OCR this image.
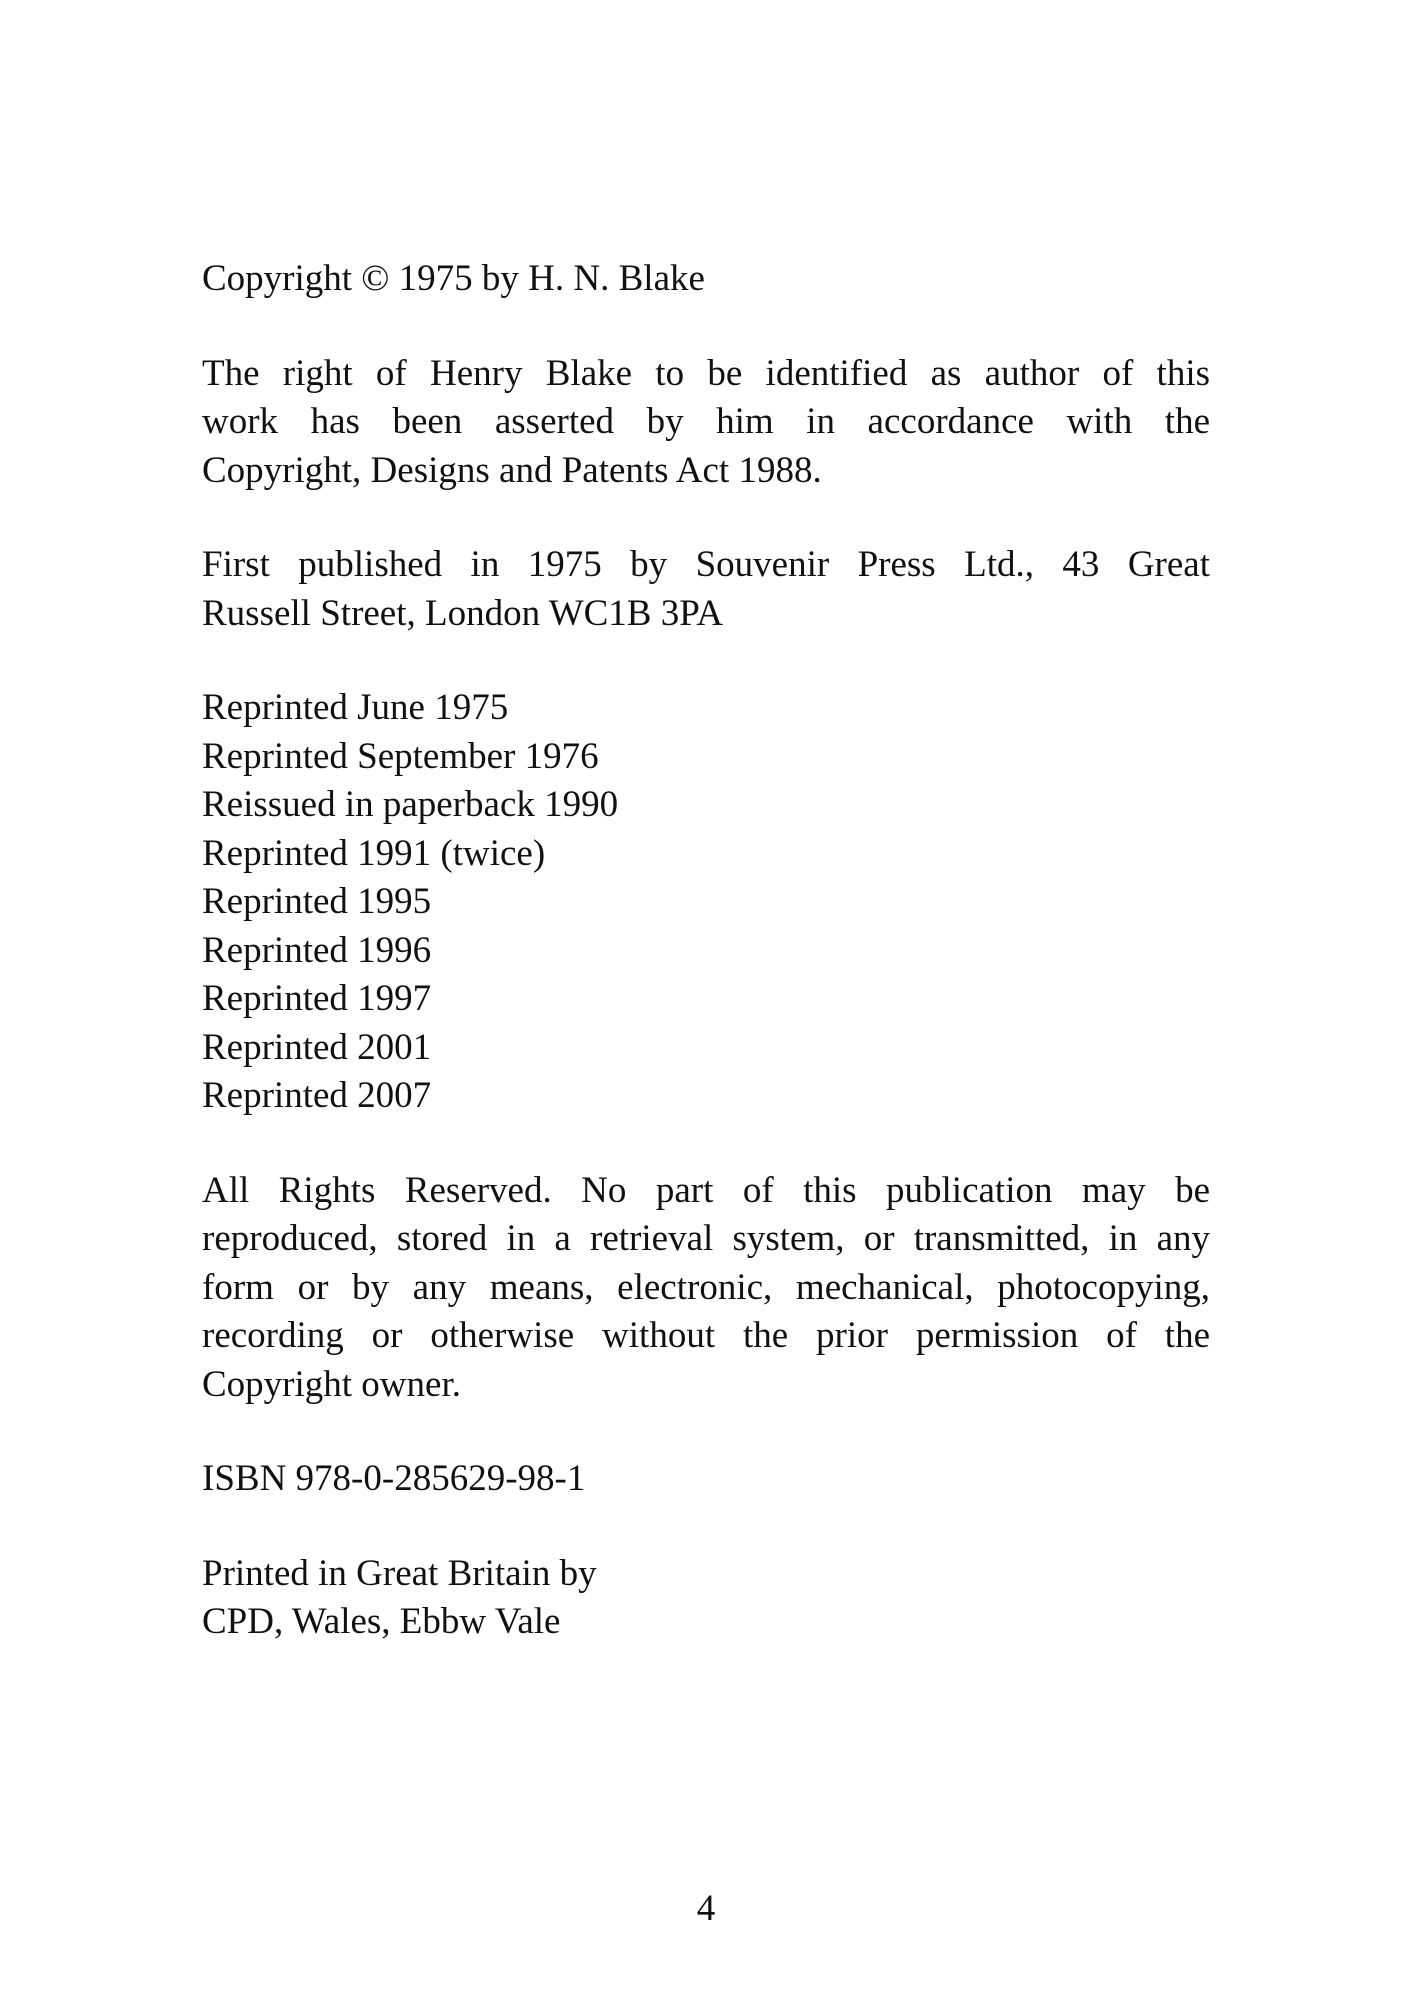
Copyright © 1975 by H. N. Blake

The right of Henry Blake to be identified as author of this
work has been asserted by him in accordance with the
Copyright, Designs and Patents Act 1988.

First published in 1975 by Souvenir Press Ltd., 43 Great
Russell Street, London WC1B 3PA

Reprinted June 1975
Reprinted September 1976
Reissued in paperback 1990
Reprinted 1991 (twice)
Reprinted 1995
Reprinted 1996
Reprinted 1997
Reprinted 2001
Reprinted 2007

All Rights Reserved. No part of this publication may be
reproduced, stored in a retrieval system, or transmitted, in any
form or by any means, electronic, mechanical, photocopying,
recording or otherwise without the prior permission of the
Copyright owner.

ISBN 978-0-285629-98-1

Printed in Great Britain by
CPD, Wales, Ebbw Vale

4
